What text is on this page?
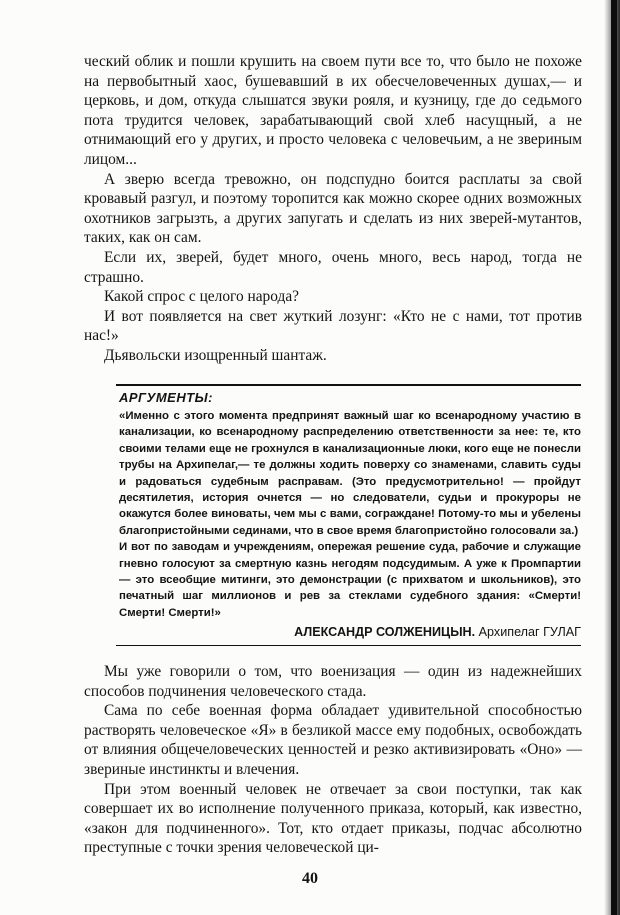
ческий облик и пошли крушить на своем пути все то, что было не похоже на первобытный хаос, бушевавший в их обесчеловеченных душах,— и церковь, и дом, откуда слышатся звуки рояля, и кузницу, где до седьмого пота трудится человек, зарабатывающий свой хлеб насущный, а не отнимающий его у других, и просто человека с человечьим, а не звериным лицом...

А зверю всегда тревожно, он подспудно боится расплаты за свой кровавый разгул, и поэтому торопится как можно скорее одних возможных охотников загрызть, а других запугать и сделать из них зверей-мутантов, таких, как он сам.

Если их, зверей, будет много, очень много, весь народ, тогда не страшно.

Какой спрос с целого народа?

И вот появляется на свет жуткий лозунг: «Кто не с нами, тот против нас!»

Дьявольски изощренный шантаж.

АРГУМЕНТЫ:

«Именно с этого момента предпринят важный шаг ко всенародному участию в канализации, ко всенародному распределению ответственности за нее: те, кто своими телами еще не грохнулся в канализационные люки, кого еще не понесли трубы на Архипелаг,— те должны ходить поверху со знаменами, славить суды и радоваться судебным расправам. (Это предусмотрительно! — пройдут десятилетия, история очнется — но следователи, судьи и прокуроры не окажутся более виноваты, чем мы с вами, сограждане! Потому-то мы и убелены благопристойными сединами, что в свое время благопристойно голосовали за.)

И вот по заводам и учреждениям, опережая решение суда, рабочие и служащие гневно голосуют за смертную казнь негодям подсудимым. А уже к Промпартии — это всеобщие митинги, это демонстрации (с прихватом и школьников), это печатный шаг миллионов и рев за стеклами судебного здания: «Смерти! Смерти! Смерти!»

АЛЕКСАНДР СОЛЖЕНИЦЫН. Архипелаг ГУЛАГ

Мы уже говорили о том, что военизация — один из надежнейших способов подчинения человеческого стада.

Сама по себе военная форма обладает удивительной способностью растворять человеческое «Я» в безликой массе ему подобных, освобождать от влияния общечеловеческих ценностей и резко активизировать «Оно» — звериные инстинкты и влечения.

При этом военный человек не отвечает за свои поступки, так как совершает их во исполнение полученного приказа, который, как известно, «закон для подчиненного». Тот, кто отдает приказы, подчас абсолютно преступные с точки зрения человеческой ци-

40
